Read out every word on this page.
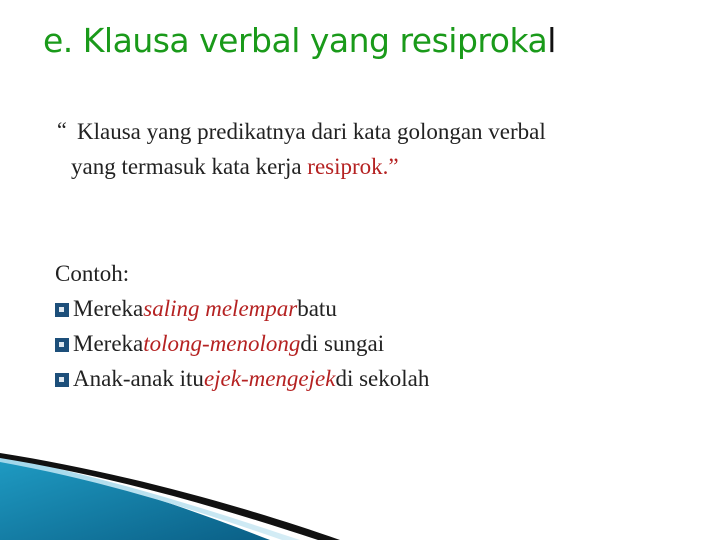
e. Klausa verbal yang resiprokal
“ Klausa yang predikatnya dari kata golongan verbal
yang termasuk kata kerja resiprok.”
Contoh:
Mereka saling melempar batu
Mereka tolong-menolong di sungai
Anak-anak itu ejek-mengejek di sekolah
